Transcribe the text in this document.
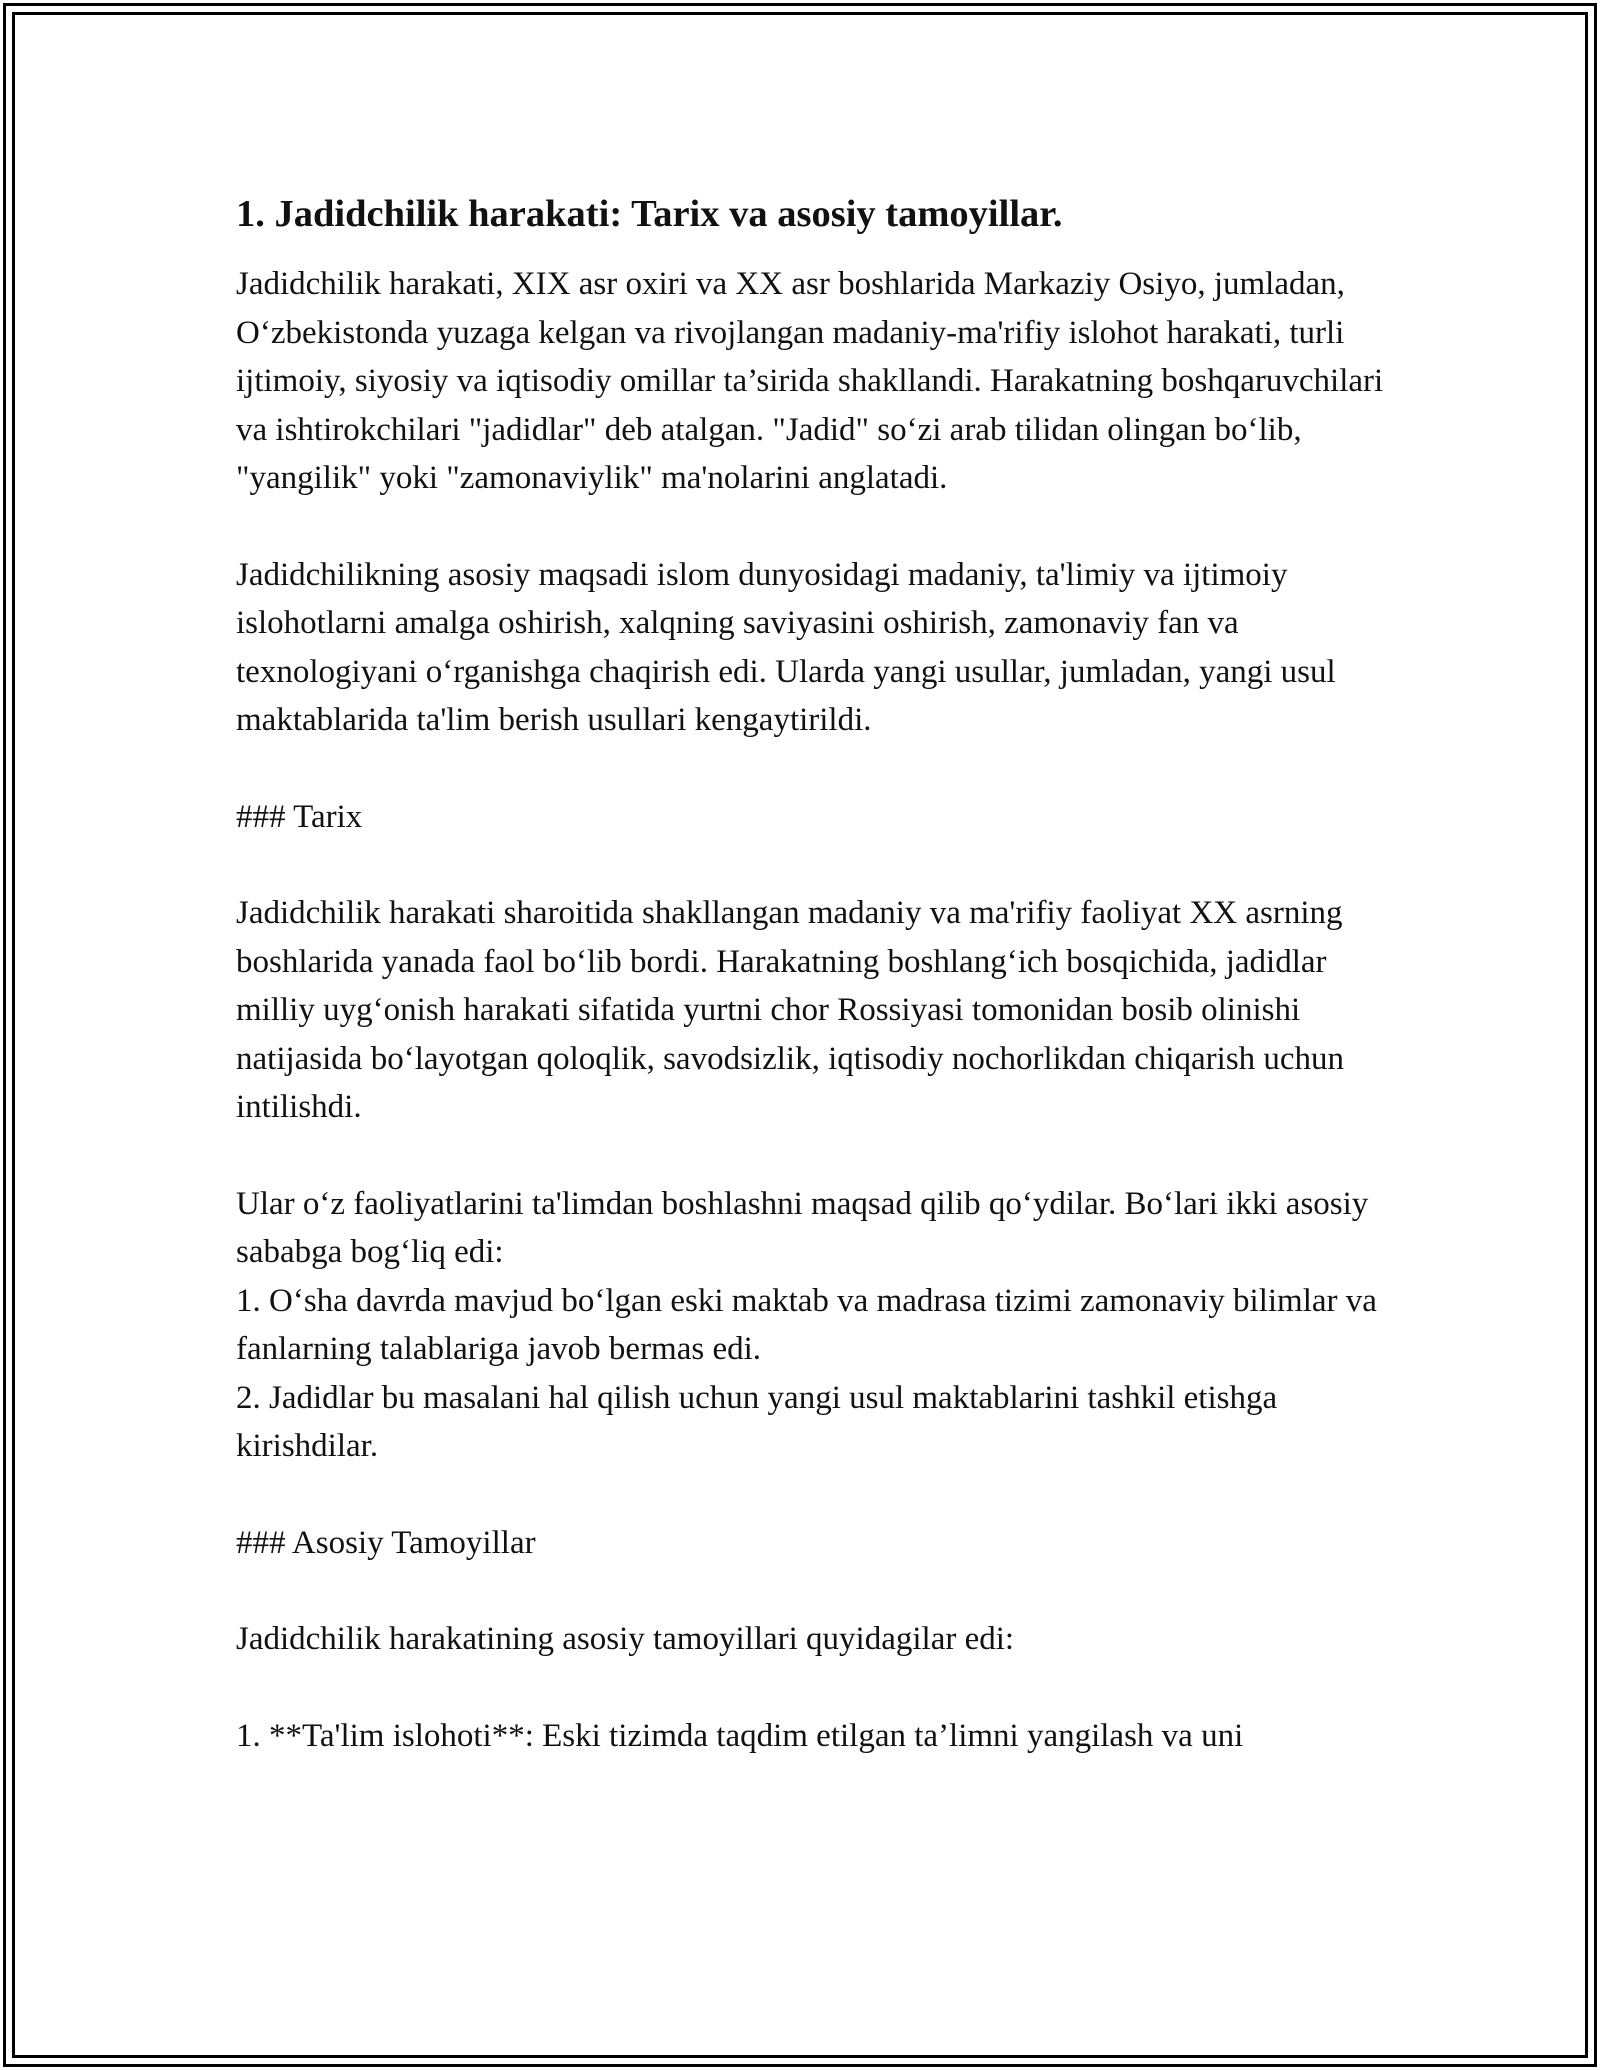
1. Jadidchilik harakati: Tarix va asosiy tamoyillar.

Jadidchilik harakati, XIX asr oxiri va XX asr boshlarida Markaziy Osiyo, jumladan, O‘zbekistonda yuzaga kelgan va rivojlangan madaniy-ma'rifiy islohot harakati, turli ijtimoiy, siyosiy va iqtisodiy omillar ta’sirida shakllandi. Harakatning boshqaruvchilari va ishtirokchilari "jadidlar" deb atalgan. "Jadid" so‘zi arab tilidan olingan bo‘lib, "yangilik" yoki "zamonaviylik" ma'nolarini anglatadi.

Jadidchilikning asosiy maqsadi islom dunyosidagi madaniy, ta'limiy va ijtimoiy islohotlarni amalga oshirish, xalqning saviyasini oshirish, zamonaviy fan va texnologiyani o‘rganishga chaqirish edi. Ularda yangi usullar, jumladan, yangi usul maktablarida ta'lim berish usullari kengaytirildi.

### Tarix

Jadidchilik harakati sharoitida shakllangan madaniy va ma'rifiy faoliyat XX asrning boshlarida yanada faol bo‘lib bordi. Harakatning boshlang‘ich bosqichida, jadidlar milliy uyg‘onish harakati sifatida yurtni chor Rossiyasi tomonidan bosib olinishi natijasida bo‘layotgan qoloqlik, savodsizlik, iqtisodiy nochorlikdan chiqarish uchun intilishdi.

Ular o‘z faoliyatlarini ta'limdan boshlashni maqsad qilib qo‘ydilar. Bo‘lari ikki asosiy sababga bog‘liq edi:
1. O‘sha davrda mavjud bo‘lgan eski maktab va madrasa tizimi zamonaviy bilimlar va fanlarning talablariga javob bermas edi.
2. Jadidlar bu masalani hal qilish uchun yangi usul maktablarini tashkil etishga kirishdilar.

### Asosiy Tamoyillar

Jadidchilik harakatining asosiy tamoyillari quyidagilar edi:

1. **Ta'lim islohoti**: Eski tizimda taqdim etilgan ta’limni yangilash va uni
